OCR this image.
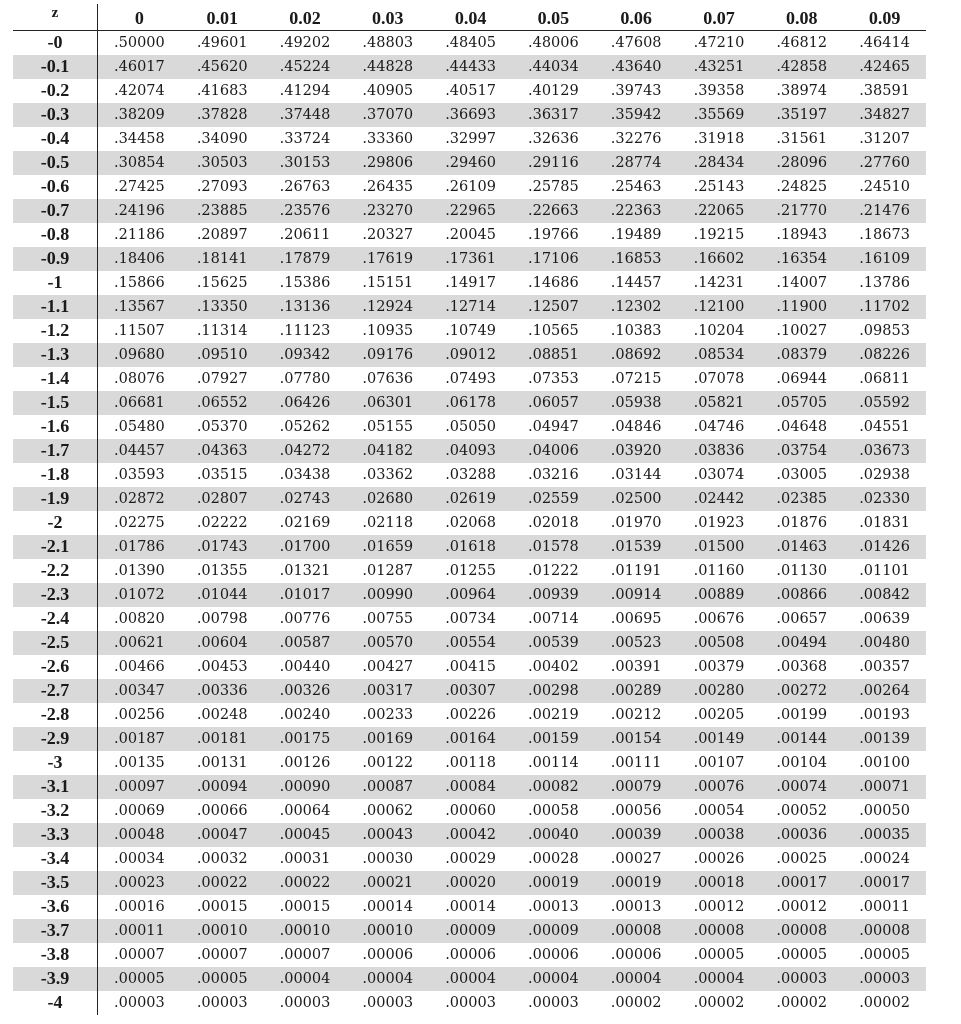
z	0	0.01	0.02	0.03	0.04	0.05	0.06	0.07	0.08	0.09
-0	.50000	.49601	.49202	.48803	.48405	.48006	.47608	.47210	.46812	.46414
-0.1	.46017	.45620	.45224	.44828	.44433	.44034	.43640	.43251	.42858	.42465
-0.2	.42074	.41683	.41294	.40905	.40517	.40129	.39743	.39358	.38974	.38591
-0.3	.38209	.37828	.37448	.37070	.36693	.36317	.35942	.35569	.35197	.34827
-0.4	.34458	.34090	.33724	.33360	.32997	.32636	.32276	.31918	.31561	.31207
-0.5	.30854	.30503	.30153	.29806	.29460	.29116	.28774	.28434	.28096	.27760
-0.6	.27425	.27093	.26763	.26435	.26109	.25785	.25463	.25143	.24825	.24510
-0.7	.24196	.23885	.23576	.23270	.22965	.22663	.22363	.22065	.21770	.21476
-0.8	.21186	.20897	.20611	.20327	.20045	.19766	.19489	.19215	.18943	.18673
-0.9	.18406	.18141	.17879	.17619	.17361	.17106	.16853	.16602	.16354	.16109
-1	.15866	.15625	.15386	.15151	.14917	.14686	.14457	.14231	.14007	.13786
-1.1	.13567	.13350	.13136	.12924	.12714	.12507	.12302	.12100	.11900	.11702
-1.2	.11507	.11314	.11123	.10935	.10749	.10565	.10383	.10204	.10027	.09853
-1.3	.09680	.09510	.09342	.09176	.09012	.08851	.08692	.08534	.08379	.08226
-1.4	.08076	.07927	.07780	.07636	.07493	.07353	.07215	.07078	.06944	.06811
-1.5	.06681	.06552	.06426	.06301	.06178	.06057	.05938	.05821	.05705	.05592
-1.6	.05480	.05370	.05262	.05155	.05050	.04947	.04846	.04746	.04648	.04551
-1.7	.04457	.04363	.04272	.04182	.04093	.04006	.03920	.03836	.03754	.03673
-1.8	.03593	.03515	.03438	.03362	.03288	.03216	.03144	.03074	.03005	.02938
-1.9	.02872	.02807	.02743	.02680	.02619	.02559	.02500	.02442	.02385	.02330
-2	.02275	.02222	.02169	.02118	.02068	.02018	.01970	.01923	.01876	.01831
-2.1	.01786	.01743	.01700	.01659	.01618	.01578	.01539	.01500	.01463	.01426
-2.2	.01390	.01355	.01321	.01287	.01255	.01222	.01191	.01160	.01130	.01101
-2.3	.01072	.01044	.01017	.00990	.00964	.00939	.00914	.00889	.00866	.00842
-2.4	.00820	.00798	.00776	.00755	.00734	.00714	.00695	.00676	.00657	.00639
-2.5	.00621	.00604	.00587	.00570	.00554	.00539	.00523	.00508	.00494	.00480
-2.6	.00466	.00453	.00440	.00427	.00415	.00402	.00391	.00379	.00368	.00357
-2.7	.00347	.00336	.00326	.00317	.00307	.00298	.00289	.00280	.00272	.00264
-2.8	.00256	.00248	.00240	.00233	.00226	.00219	.00212	.00205	.00199	.00193
-2.9	.00187	.00181	.00175	.00169	.00164	.00159	.00154	.00149	.00144	.00139
-3	.00135	.00131	.00126	.00122	.00118	.00114	.00111	.00107	.00104	.00100
-3.1	.00097	.00094	.00090	.00087	.00084	.00082	.00079	.00076	.00074	.00071
-3.2	.00069	.00066	.00064	.00062	.00060	.00058	.00056	.00054	.00052	.00050
-3.3	.00048	.00047	.00045	.00043	.00042	.00040	.00039	.00038	.00036	.00035
-3.4	.00034	.00032	.00031	.00030	.00029	.00028	.00027	.00026	.00025	.00024
-3.5	.00023	.00022	.00022	.00021	.00020	.00019	.00019	.00018	.00017	.00017
-3.6	.00016	.00015	.00015	.00014	.00014	.00013	.00013	.00012	.00012	.00011
-3.7	.00011	.00010	.00010	.00010	.00009	.00009	.00008	.00008	.00008	.00008
-3.8	.00007	.00007	.00007	.00006	.00006	.00006	.00006	.00005	.00005	.00005
-3.9	.00005	.00005	.00004	.00004	.00004	.00004	.00004	.00004	.00003	.00003
-4	.00003	.00003	.00003	.00003	.00003	.00003	.00002	.00002	.00002	.00002
